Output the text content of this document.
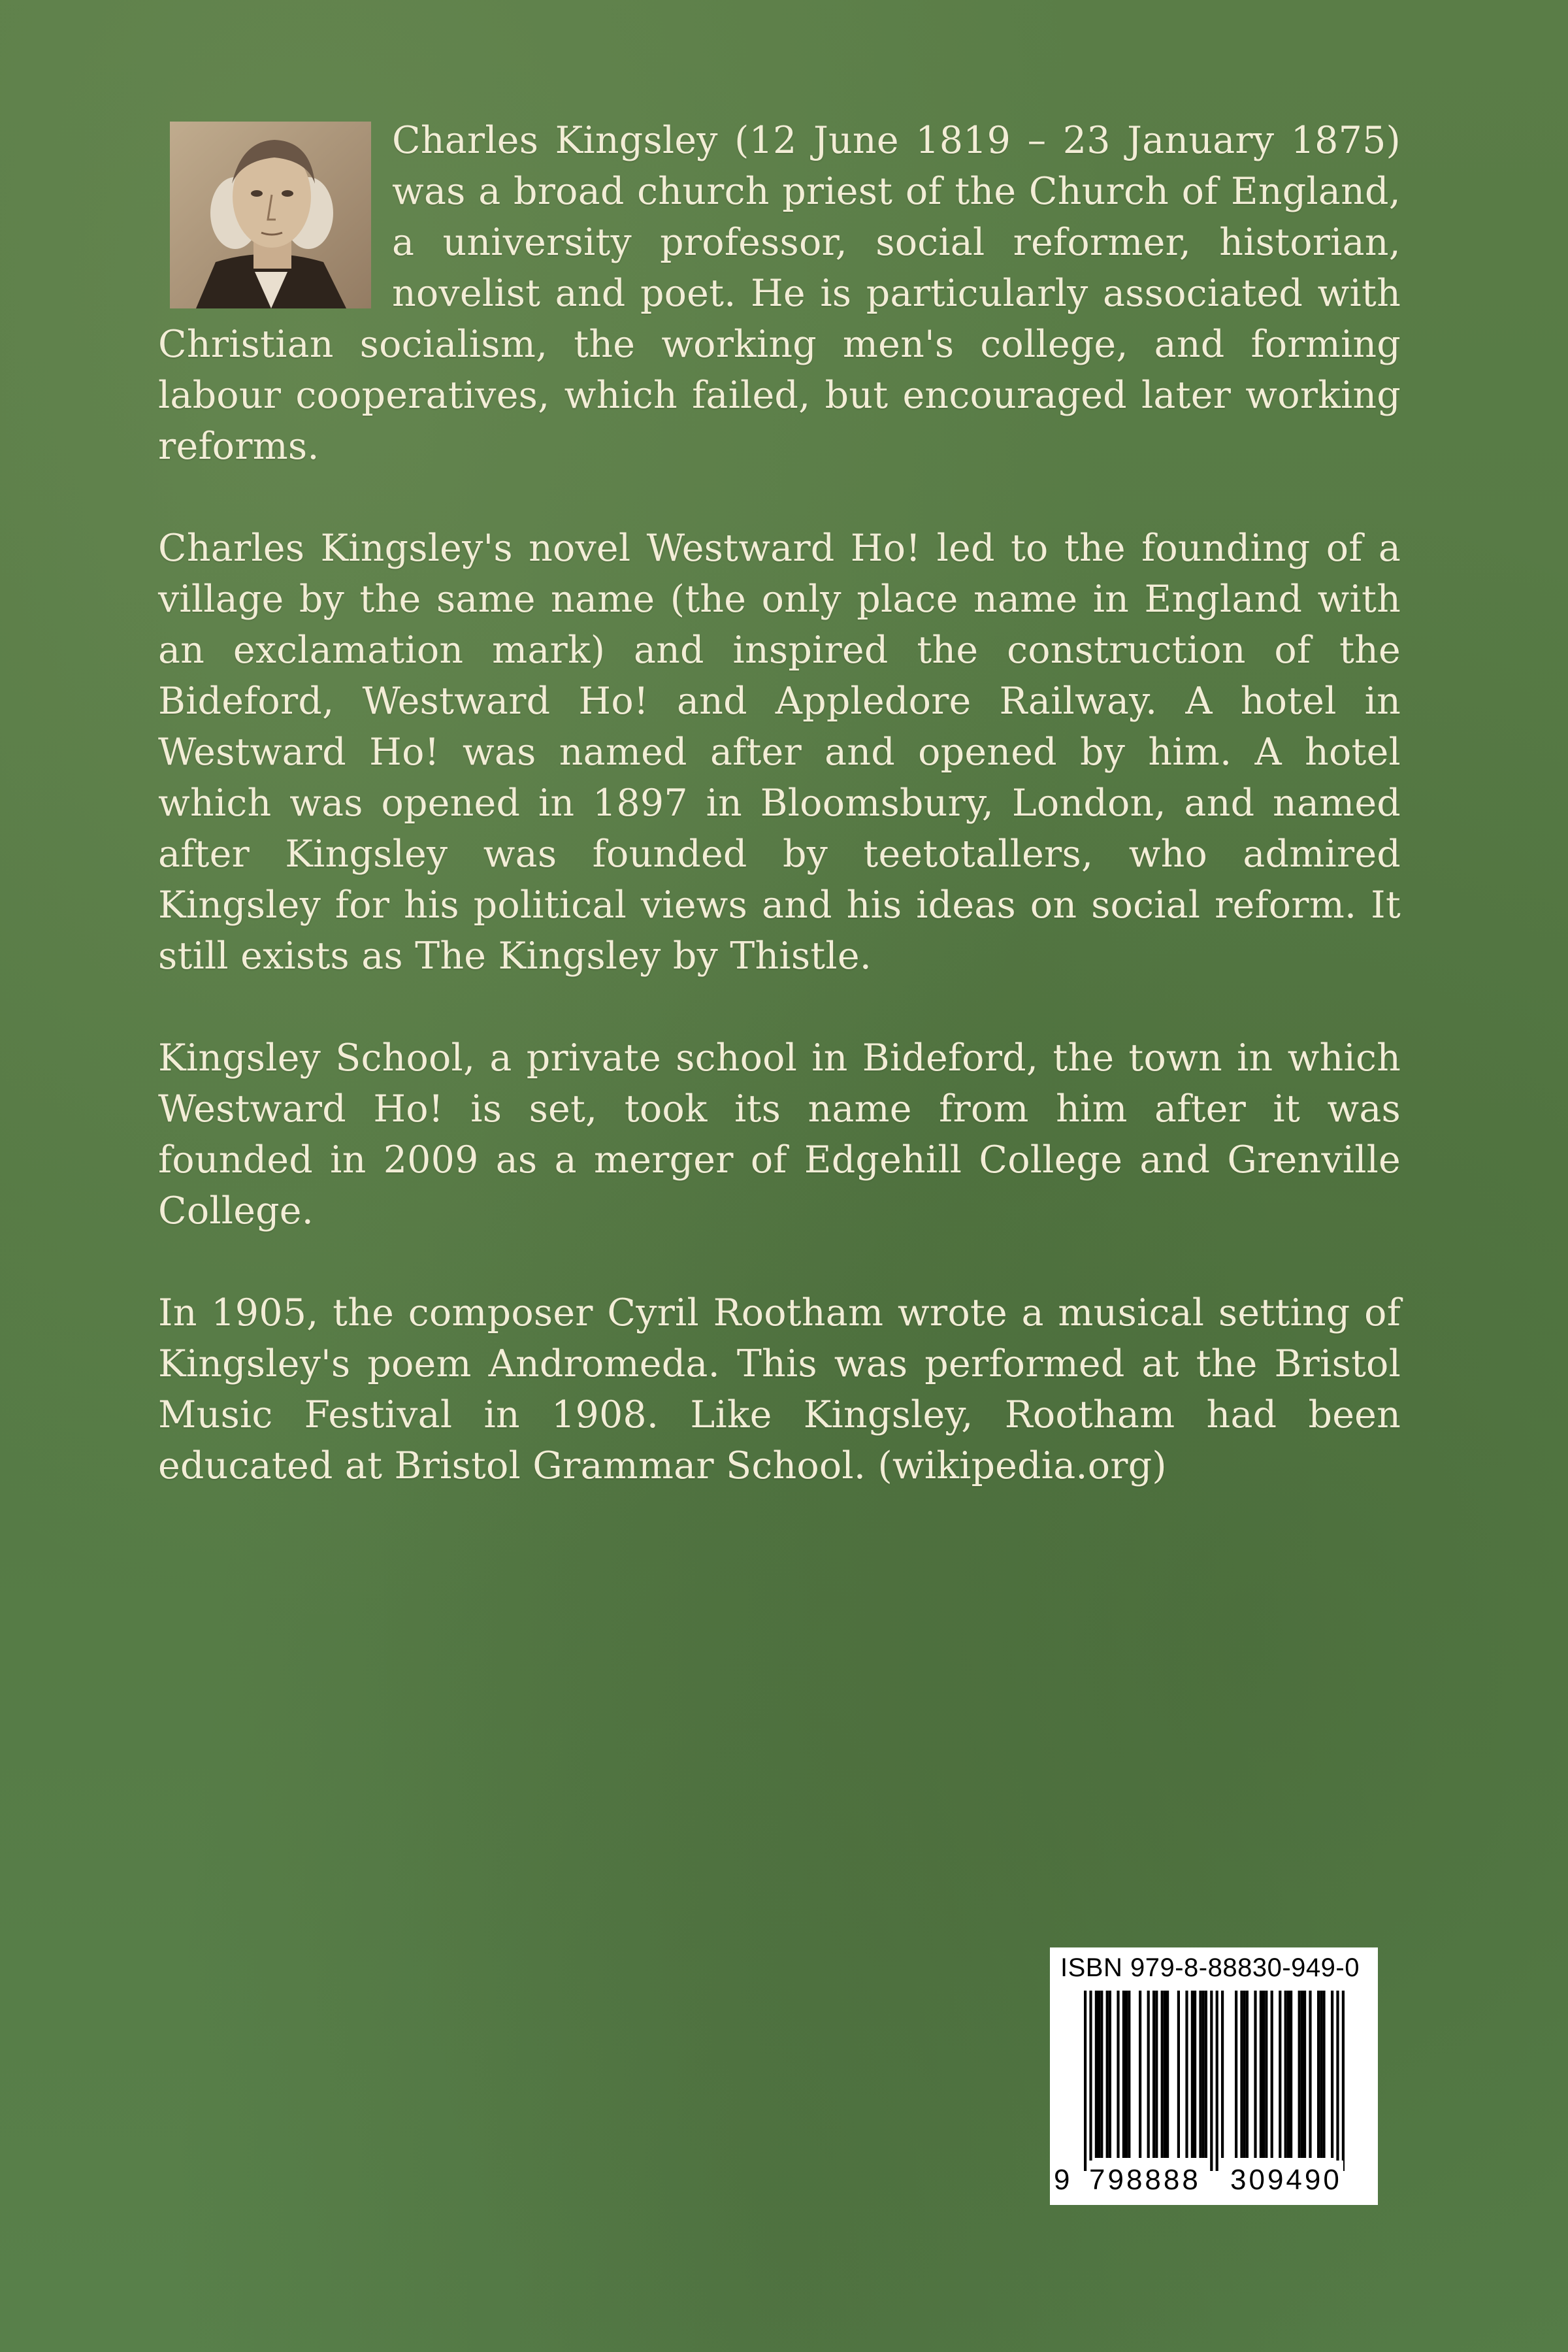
Charles Kingsley (12 June 1819 – 23 January 1875) was a broad church priest of the Church of England, a university professor, social reformer, historian, novelist and poet. He is particularly associated with Christian socialism, the working men's college, and forming labour cooperatives, which failed, but encouraged later working reforms.

Charles Kingsley's novel Westward Ho! led to the founding of a village by the same name (the only place name in England with an exclamation mark) and inspired the construction of the Bideford, Westward Ho! and Appledore Railway. A hotel in Westward Ho! was named after and opened by him. A hotel which was opened in 1897 in Bloomsbury, London, and named after Kingsley was founded by teetotallers, who admired Kingsley for his political views and his ideas on social reform. It still exists as The Kingsley by Thistle.

Kingsley School, a private school in Bideford, the town in which Westward Ho! is set, took its name from him after it was founded in 2009 as a merger of Edgehill College and Grenville College.

In 1905, the composer Cyril Rootham wrote a musical setting of Kingsley's poem Andromeda. This was performed at the Bristol Music Festival in 1908. Like Kingsley, Rootham had been educated at Bristol Grammar School. (wikipedia.org)

ISBN 979-8-88830-949-0
9 798888 309490
